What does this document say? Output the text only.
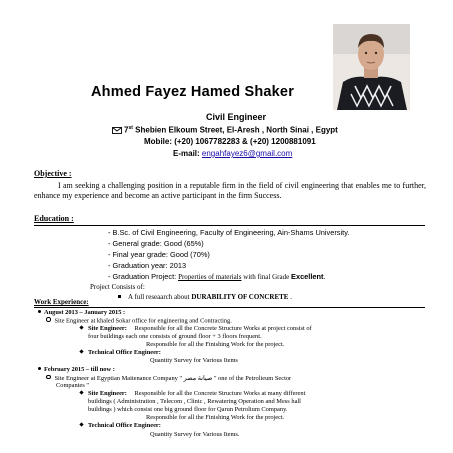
Ahmed Fayez Hamed Shaker
Civil Engineer
7st Shebien Elkoum Street, El-Aresh , North Sinai , Egypt
Mobile: (+20) 1067782283 & (+20) 1200881091
E-mail: engahfayez6@gmail.com
Objective :
I am seeking a challenging position in a reputable firm in the field of civil engineering that enables me to further, enhance my experience and become an active participant in the firm Success.
Education :
- B.Sc. of Civil Engineering, Faculty of Engineering, Ain-Shams University.
- General grade: Good (65%)
- Final year grade: Good (70%)
- Graduation year: 2013
- Graduation Project: Properties of materials with final Grade Excellent.
Project Consists of:
A full reseaarch about DURABILITY OF CONCRETE .
Work Experience:
August 2013 – January 2015 :
Site Engineer at khaled Sokar office for engineering and Contracting.
Site Engineer: Responsible for all the Concrete Structure Works at project consist of
four buildings each one consists of ground floor + 3 floors frequent.
Responsible for all the Finishing Work for the project.
Technical Office Engineer:
Quantity Survey for Various Items
February 2015 – till now :
Site Engineer at Egyptian Maitenance Company " صيانة مصر " one of the Petrolieum Sector
Companies "
Site Engineer: Responsible for all the Concrete Structure Works at many different
buildings ( Administration , Telecom , Clinic , Rewatering Operation and Mess hall
buildings ) which consist one big ground floor for Qarun Petrolium Company.
Responsible for all the Finishing Work for the project.
Technical Office Engineer:
Quantity Survey for Various Items.
